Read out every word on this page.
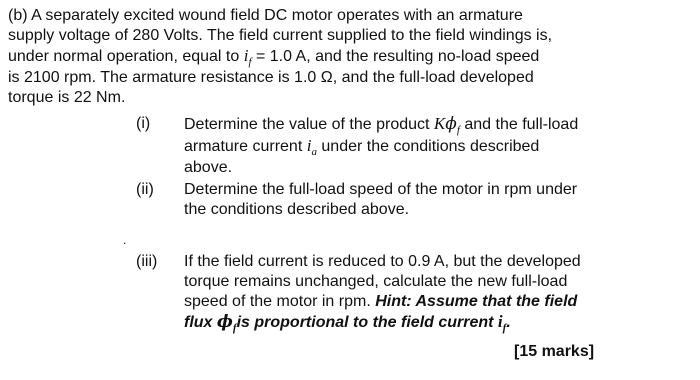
(b) A separately excited wound field DC motor operates with an armature
supply voltage of 280 Volts. The field current supplied to the field windings is,
under normal operation, equal to $i_f = 1.0$ A, and the resulting no-load speed
is 2100 rpm. The armature resistance is 1.0 Ω, and the full-load developed
torque is 22 Nm.
(i) Determine the value of the product $K\phi_f$ and the full-load
armature current $i_a$ under the conditions described
above.
(ii) Determine the full-load speed of the motor in rpm under
the conditions described above.
.
(iii) If the field current is reduced to 0.9 A, but the developed
torque remains unchanged, calculate the new full-load
speed of the motor in rpm. Hint: Assume that the field
flux $\phi_fis$ proportional to the field current $i_f$.
[15 marks]
